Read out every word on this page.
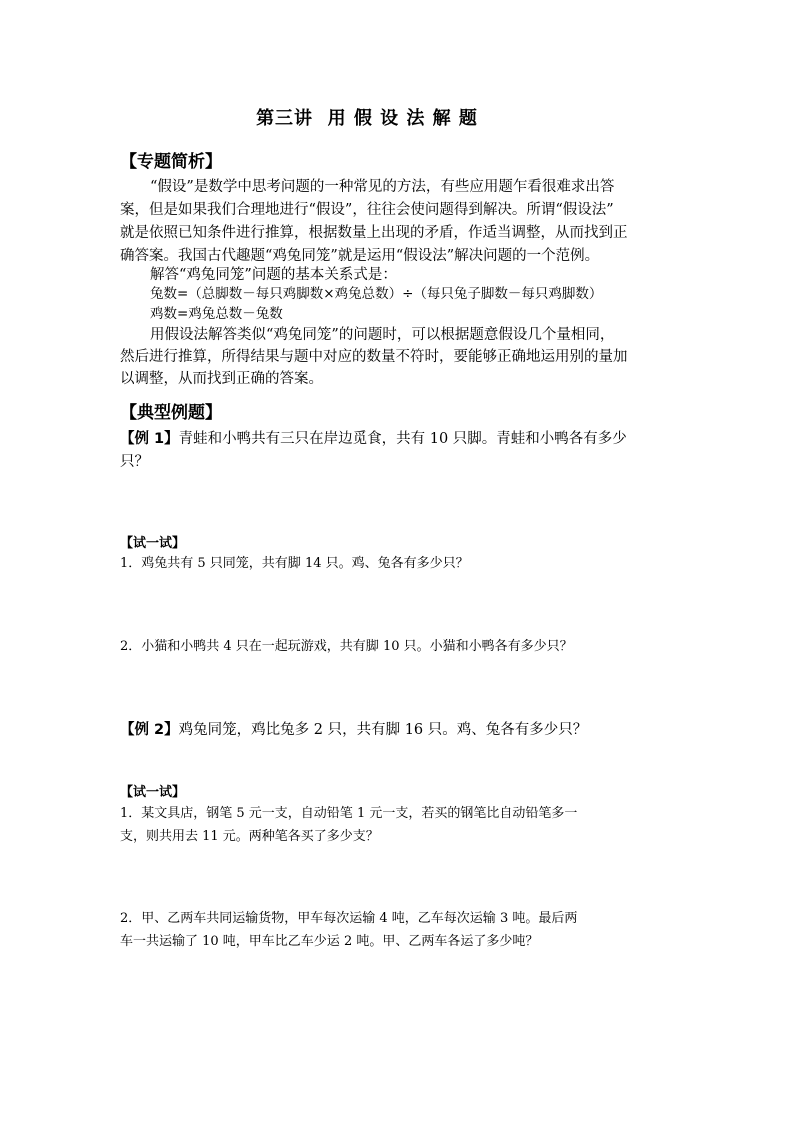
第三讲  用 假 设 法 解 题
【专题简析】
“假设”是数学中思考问题的一种常见的方法，有些应用题乍看很难求出答
案，但是如果我们合理地进行“假设”，往往会使问题得到解决。所谓“假设法”
就是依照已知条件进行推算，根据数量上出现的矛盾，作适当调整，从而找到正
确答案。我国古代趣题“鸡兔同笼”就是运用“假设法”解决问题的一个范例。
解答“鸡兔同笼”问题的基本关系式是：
兔数=（总脚数－每只鸡脚数×鸡兔总数）÷（每只兔子脚数－每只鸡脚数）
鸡数=鸡兔总数－兔数
用假设法解答类似“鸡兔同笼”的问题时，可以根据题意假设几个量相同，
然后进行推算，所得结果与题中对应的数量不符时，要能够正确地运用别的量加
以调整，从而找到正确的答案。
【典型例题】
【例 1】青蛙和小鸭共有三只在岸边觅食，共有 10 只脚。青蛙和小鸭各有多少
只？
【试一试】
1．鸡兔共有 5 只同笼，共有脚 14 只。鸡、兔各有多少只？
2．小猫和小鸭共 4 只在一起玩游戏，共有脚 10 只。小猫和小鸭各有多少只？
【例 2】鸡兔同笼，鸡比兔多 2 只，共有脚 16 只。鸡、兔各有多少只？
【试一试】
1．某文具店，钢笔 5 元一支，自动铅笔 1 元一支，若买的钢笔比自动铅笔多一
支，则共用去 11 元。两种笔各买了多少支？
2．甲、乙两车共同运输货物，甲车每次运输 4 吨，乙车每次运输 3 吨。最后两
车一共运输了 10 吨，甲车比乙车少运 2 吨。甲、乙两车各运了多少吨？
